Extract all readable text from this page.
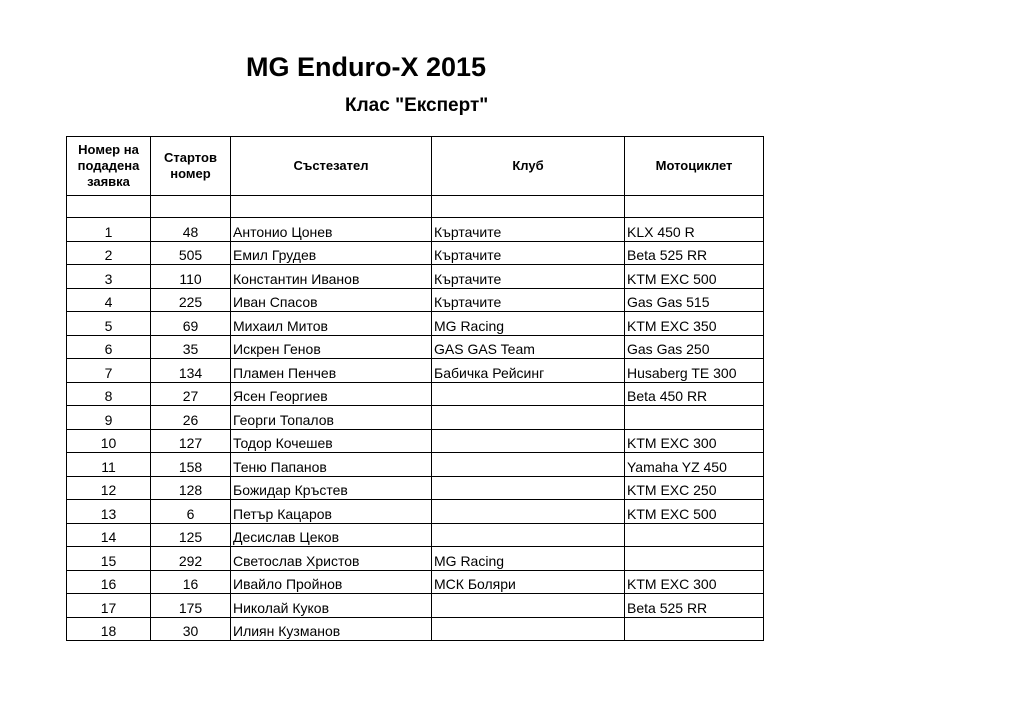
MG Enduro-X 2015
Клас "Експерт"
Номер на подадена заявка	Стартов номер	Състезател	Клуб	Мотоциклет

1	48	Антонио Цонев	Къртачите	KLX 450 R
2	505	Емил Грудев	Къртачите	Beta 525 RR
3	110	Константин Иванов	Къртачите	KTM EXC 500
4	225	Иван Спасов	Къртачите	Gas Gas 515
5	69	Михаил Митов	MG Racing	KTM EXC 350
6	35	Искрен Генов	GAS GAS Team	Gas Gas 250
7	134	Пламен Пенчев	Бабичка Рейсинг	Husaberg TE 300
8	27	Ясен Георгиев		Beta 450 RR
9	26	Георги Топалов		
10	127	Тодор Кочешев		KTM EXC 300
11	158	Теню Папанов		Yamaha YZ 450
12	128	Божидар Кръстев		KTM EXC 250
13	6	Петър Кацаров		KTM EXC 500
14	125	Десислав Цеков		
15	292	Светослав Христов	MG Racing	
16	16	Ивайло Пройнов	МСК Боляри	KTM EXC 300
17	175	Николай Куков		Beta 525 RR
18	30	Илиян Кузманов		
